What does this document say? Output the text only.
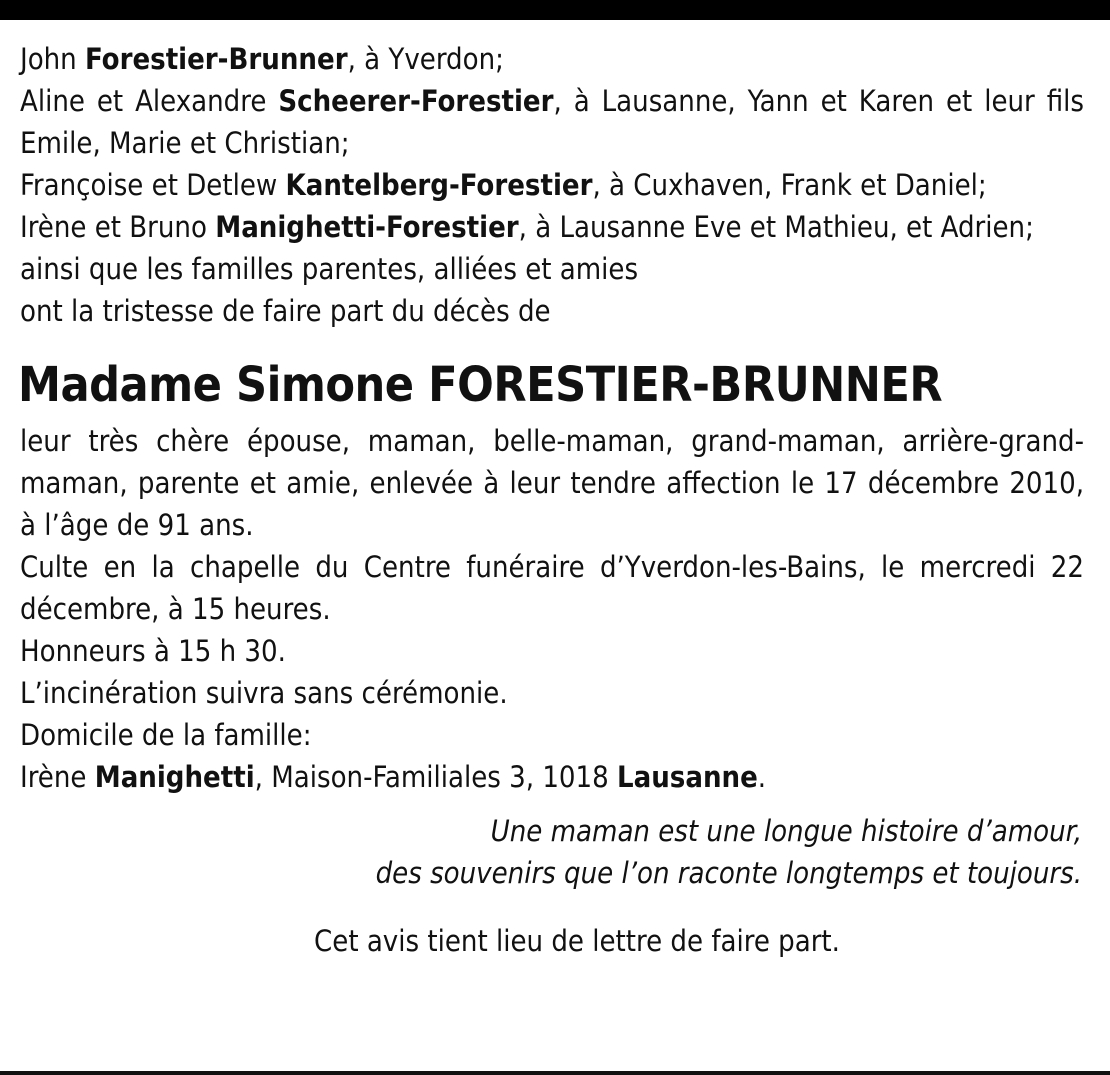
John Forestier-Brunner, à Yverdon;

Aline et Alexandre Scheerer-Forestier, à Lausanne, Yann et Karen et leur fils Emile, Marie et Christian;

Françoise et Detlew Kantelberg-Forestier, à Cuxhaven, Frank et Daniel;

Irène et Bruno Manighetti-Forestier, à Lausanne Eve et Mathieu, et Adrien;

ainsi que les familles parentes, alliées et amies

ont la tristesse de faire part du décès de

Madame Simone FORESTIER-BRUNNER

leur très chère épouse, maman, belle-maman, grand-maman, arrière-grand-maman, parente et amie, enlevée à leur tendre affection le 17 décembre 2010, à l’âge de 91 ans.

Culte en la chapelle du Centre funéraire d’Yverdon-les-Bains, le mercredi 22 décembre, à 15 heures.

Honneurs à 15 h 30.

L’incinération suivra sans cérémonie.

Domicile de la famille:

Irène Manighetti, Maison-Familiales 3, 1018 Lausanne.

Une maman est une longue histoire d’amour,
des souvenirs que l’on raconte longtemps et toujours.

Cet avis tient lieu de lettre de faire part.
